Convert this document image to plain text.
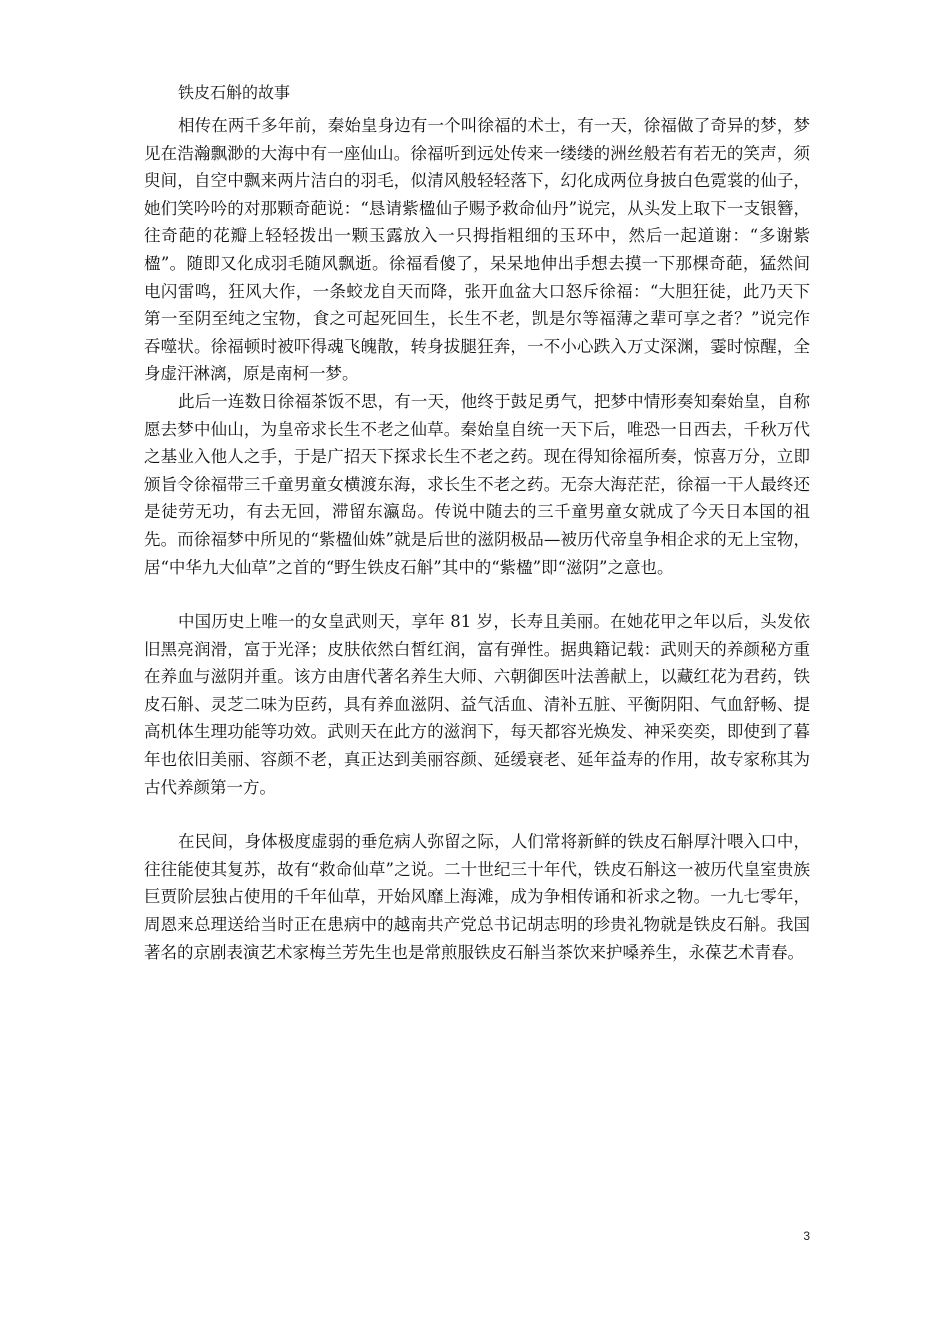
铁皮石斛的故事

相传在两千多年前，秦始皇身边有一个叫徐福的术士，有一天，徐福做了奇异的梦，梦见在浩瀚飘渺的大海中有一座仙山。徐福听到远处传来一缕缕的洲丝般若有若无的笑声，须臾间，自空中飘来两片洁白的羽毛，似清风般轻轻落下，幻化成两位身披白色霓裳的仙子，她们笑吟吟的对那颗奇葩说：“恳请紫楹仙子赐予救命仙丹”说完，从头发上取下一支银簪，往奇葩的花瓣上轻轻拨出一颗玉露放入一只拇指粗细的玉环中，然后一起道谢：“多谢紫楹”。随即又化成羽毛随风飘逝。徐福看傻了，呆呆地伸出手想去摸一下那棵奇葩，猛然间电闪雷鸣，狂风大作，一条蛟龙自天而降，张开血盆大口怒斥徐福：“大胆狂徒，此乃天下第一至阴至纯之宝物，食之可起死回生，长生不老，凯是尔等福薄之辈可享之者？”说完作吞噬状。徐福顿时被吓得魂飞魄散，转身拔腿狂奔，一不小心跌入万丈深渊，霎时惊醒，全身虚汗淋漓，原是南柯一梦。

此后一连数日徐福茶饭不思，有一天，他终于鼓足勇气，把梦中情形奏知秦始皇，自称愿去梦中仙山，为皇帝求长生不老之仙草。秦始皇自统一天下后，唯恐一日西去，千秋万代之基业入他人之手，于是广招天下探求长生不老之药。现在得知徐福所奏，惊喜万分，立即颁旨令徐福带三千童男童女横渡东海，求长生不老之药。无奈大海茫茫，徐福一干人最终还是徒劳无功，有去无回，滞留东瀛岛。传说中随去的三千童男童女就成了今天日本国的祖先。而徐福梦中所见的“紫楹仙姝”就是后世的滋阴极品—被历代帝皇争相企求的无上宝物，居“中华九大仙草”之首的“野生铁皮石斛”其中的“紫楹”即“滋阴”之意也。

中国历史上唯一的女皇武则天，享年 81 岁，长寿且美丽。在她花甲之年以后，头发依旧黑亮润滑，富于光泽；皮肤依然白皙红润，富有弹性。据典籍记载：武则天的养颜秘方重在养血与滋阴并重。该方由唐代著名养生大师、六朝御医叶法善献上，以藏红花为君药，铁皮石斛、灵芝二味为臣药，具有养血滋阴、益气活血、清补五脏、平衡阴阳、气血舒畅、提高机体生理功能等功效。武则天在此方的滋润下，每天都容光焕发、神采奕奕，即使到了暮年也依旧美丽、容颜不老，真正达到美丽容颜、延缓衰老、延年益寿的作用，故专家称其为古代养颜第一方。

在民间，身体极度虚弱的垂危病人弥留之际，人们常将新鲜的铁皮石斛厚汁喂入口中，往往能使其复苏，故有“救命仙草”之说。二十世纪三十年代，铁皮石斛这一被历代皇室贵族巨贾阶层独占使用的千年仙草，开始风靡上海滩，成为争相传诵和祈求之物。一九七零年，周恩来总理送给当时正在患病中的越南共产党总书记胡志明的珍贵礼物就是铁皮石斛。我国著名的京剧表演艺术家梅兰芳先生也是常煎服铁皮石斛当茶饮来护嗓养生，永葆艺术青春。

3
